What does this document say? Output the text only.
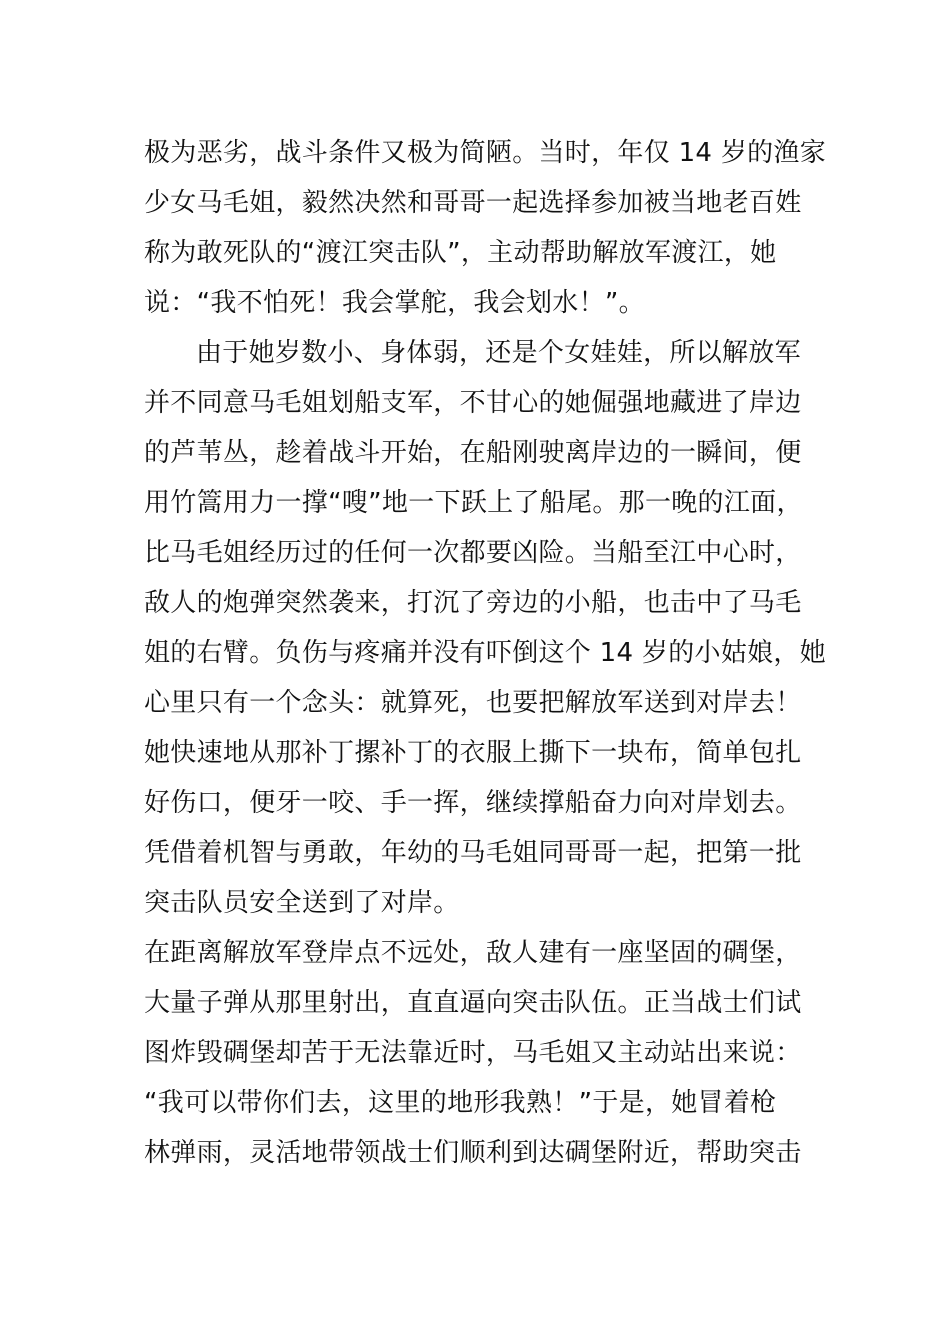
极为恶劣，战斗条件又极为简陋。当时，年仅 14 岁的渔家
少女马毛姐，毅然决然和哥哥一起选择参加被当地老百姓
称为敢死队的“渡江突击队”，主动帮助解放军渡江，她
说：“我不怕死！我会掌舵，我会划水！”。
由于她岁数小、身体弱，还是个女娃娃，所以解放军
并不同意马毛姐划船支军，不甘心的她倔强地藏进了岸边
的芦苇丛，趁着战斗开始，在船刚驶离岸边的一瞬间，便
用竹篙用力一撑“嗖”地一下跃上了船尾。那一晚的江面，
比马毛姐经历过的任何一次都要凶险。当船至江中心时，
敌人的炮弹突然袭来，打沉了旁边的小船，也击中了马毛
姐的右臂。负伤与疼痛并没有吓倒这个 14 岁的小姑娘，她
心里只有一个念头：就算死，也要把解放军送到对岸去！
她快速地从那补丁摞补丁的衣服上撕下一块布，简单包扎
好伤口，便牙一咬、手一挥，继续撑船奋力向对岸划去。
凭借着机智与勇敢，年幼的马毛姐同哥哥一起，把第一批
突击队员安全送到了对岸。
在距离解放军登岸点不远处，敌人建有一座坚固的碉堡，
大量子弹从那里射出，直直逼向突击队伍。正当战士们试
图炸毁碉堡却苦于无法靠近时，马毛姐又主动站出来说：
“我可以带你们去，这里的地形我熟！”于是，她冒着枪
林弹雨，灵活地带领战士们顺利到达碉堡附近，帮助突击
